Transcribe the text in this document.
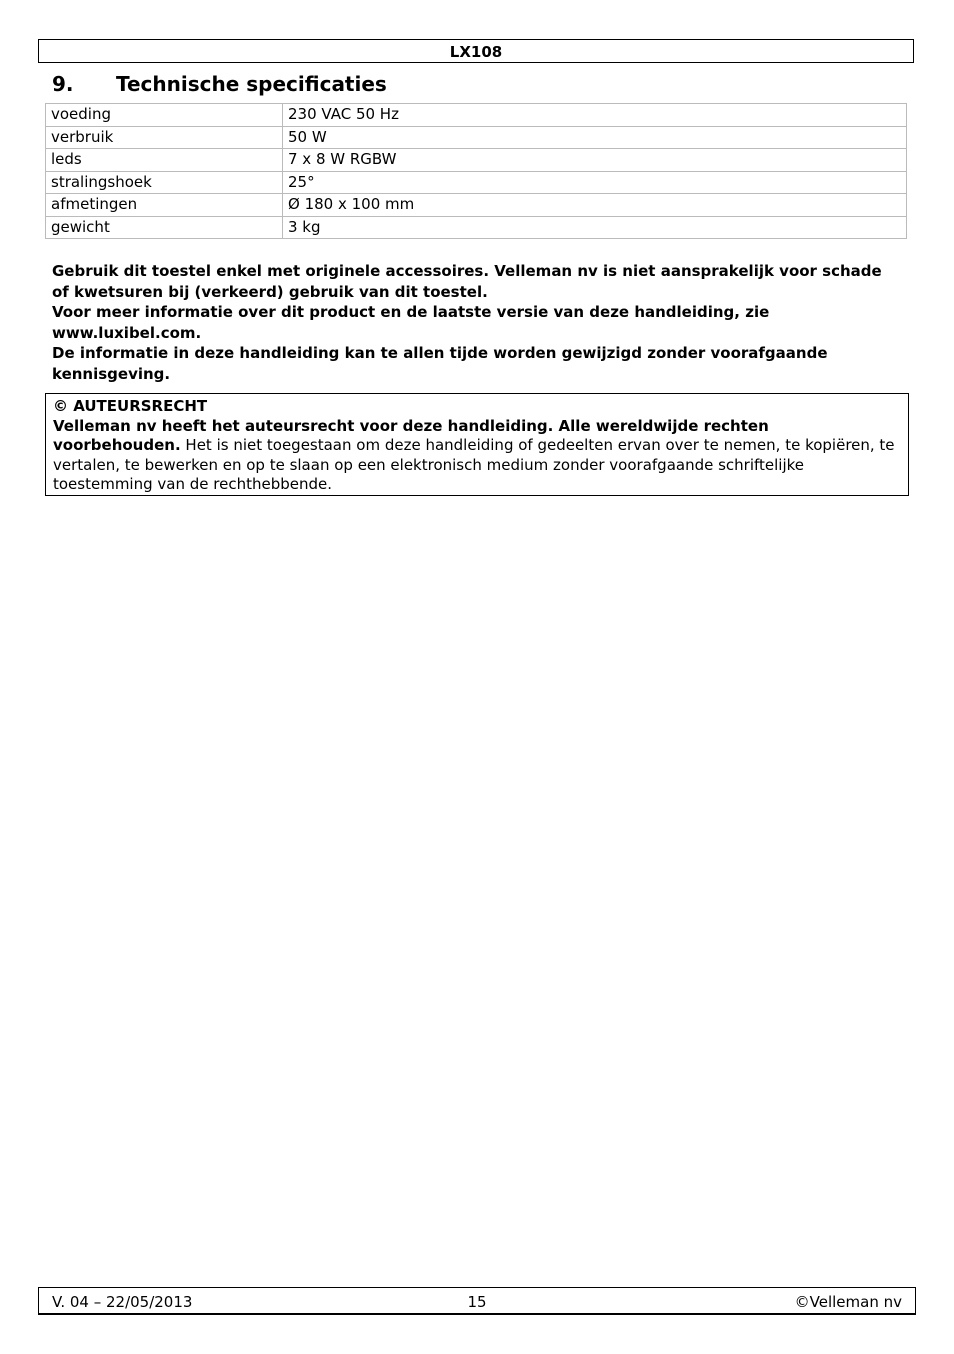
LX108
9. Technische specificaties
voeding	230 VAC 50 Hz
verbruik	50 W
leds	7 x 8 W RGBW
stralingshoek	25°
afmetingen	Ø 180 x 100 mm
gewicht	3 kg

Gebruik dit toestel enkel met originele accessoires. Velleman nv is niet aansprakelijk voor schade of kwetsuren bij (verkeerd) gebruik van dit toestel.

Voor meer informatie over dit product en de laatste versie van deze handleiding, zie www.luxibel.com.

De informatie in deze handleiding kan te allen tijde worden gewijzigd zonder voorafgaande kennisgeving.

© AUTEURSRECHT

Velleman nv heeft het auteursrecht voor deze handleiding. Alle wereldwijde rechten voorbehouden. Het is niet toegestaan om deze handleiding of gedeelten ervan over te nemen, te kopiëren, te vertalen, te bewerken en op te slaan op een elektronisch medium zonder voorafgaande schriftelijke toestemming van de rechthebbende.

V. 04 – 22/05/2013	15	©Velleman nv
